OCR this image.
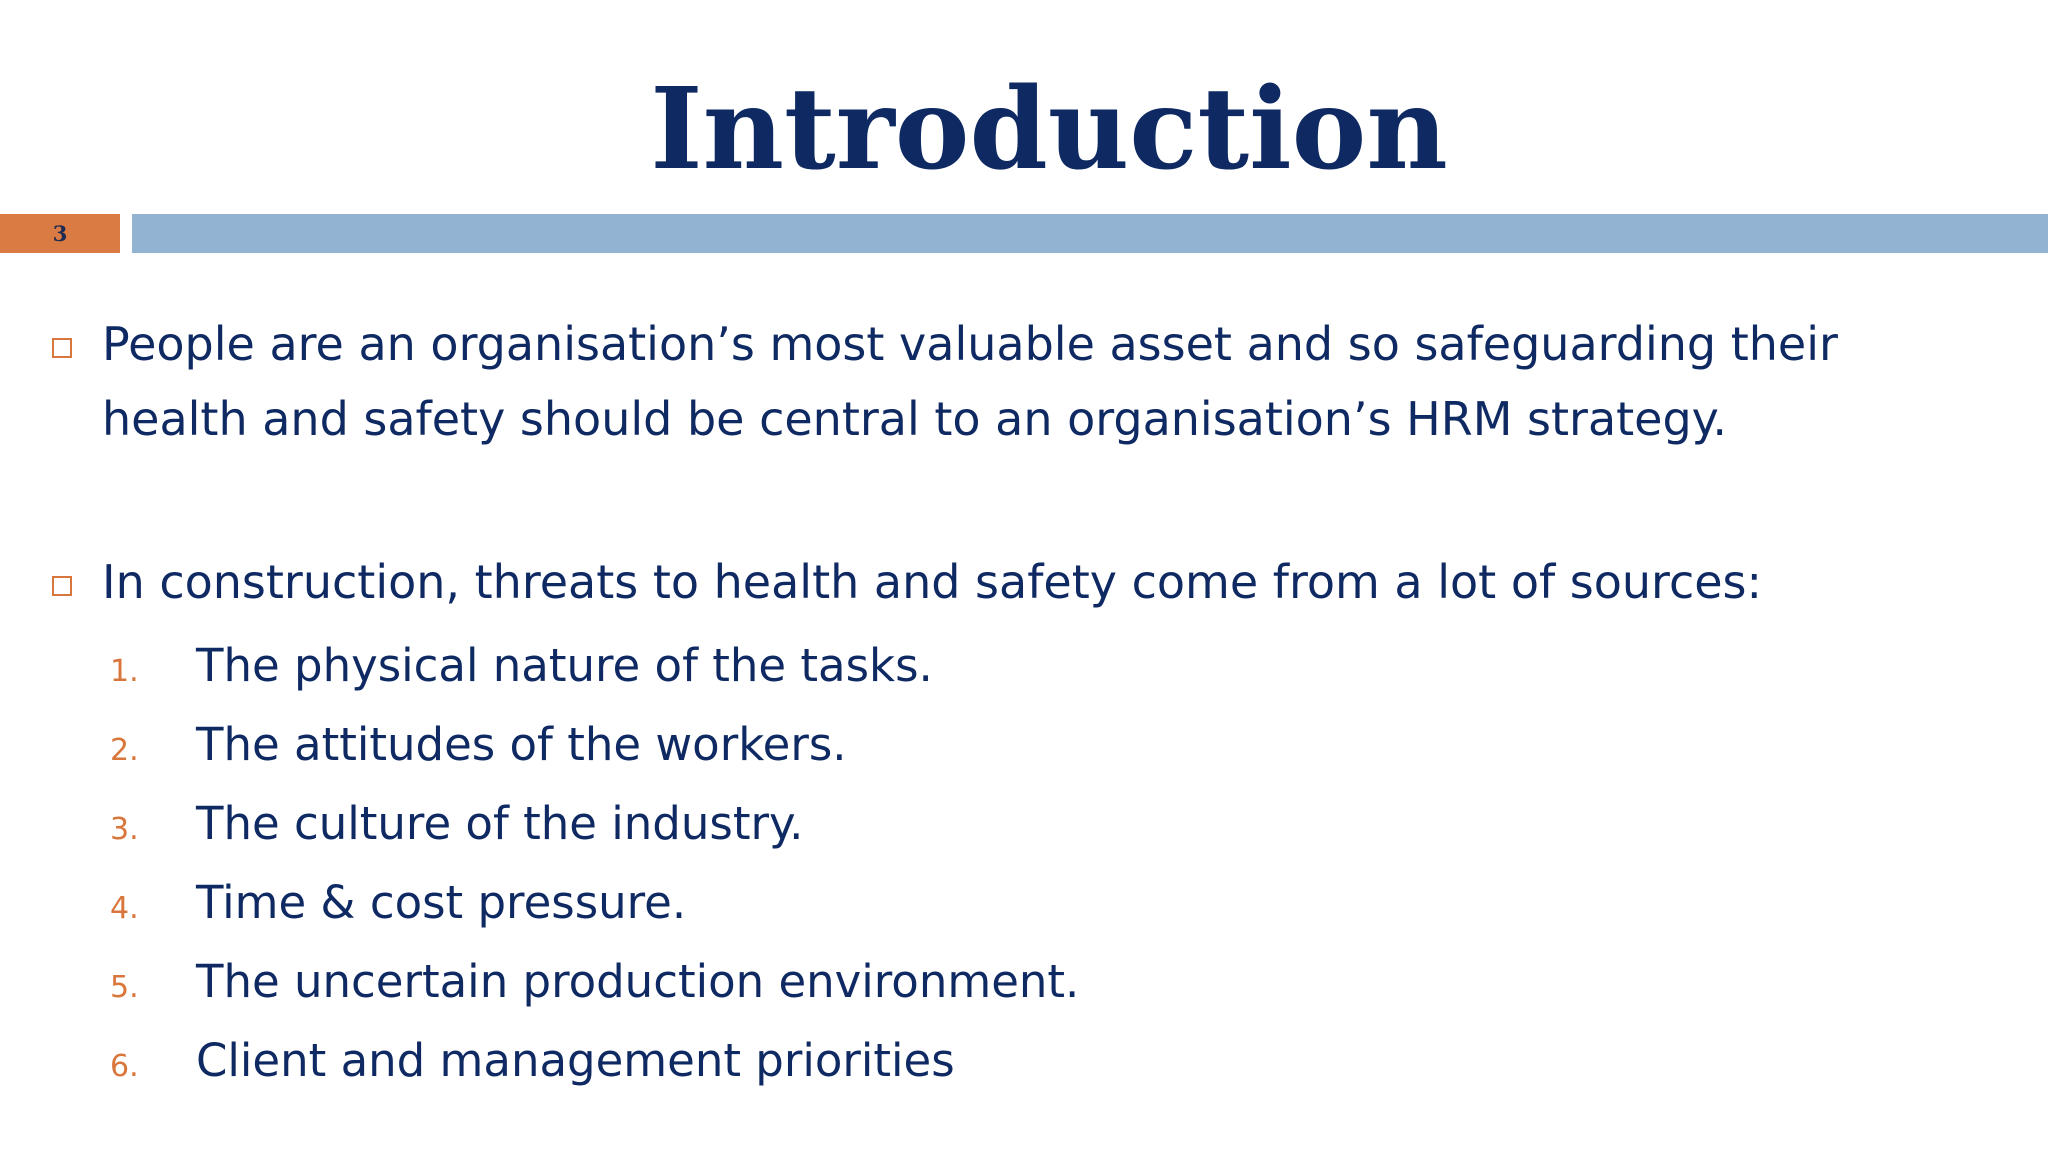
Introduction
3

People are an organisation’s most valuable asset and so safeguarding their health and safety should be central to an organisation’s HRM strategy.

In construction, threats to health and safety come from a lot of sources:

1. The physical nature of the tasks.
2. The attitudes of the workers.
3. The culture of the industry.
4. Time & cost pressure.
5. The uncertain production environment.
6. Client and management priorities
